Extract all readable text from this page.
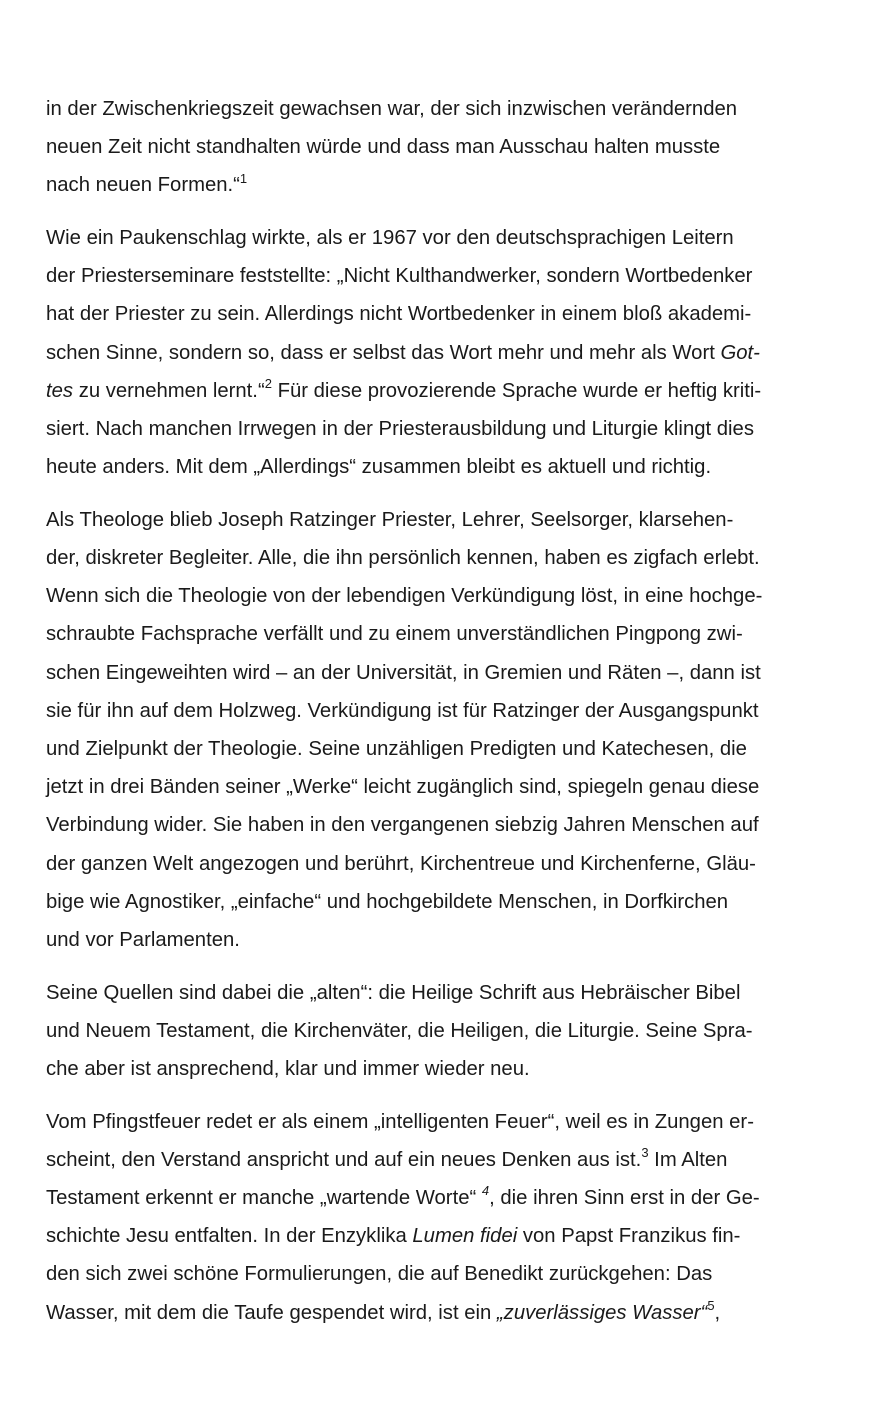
in der Zwischenkriegszeit gewachsen war, der sich inzwischen verändernden
neuen Zeit nicht standhalten würde und dass man Ausschau halten musste
nach neuen Formen.“$^1$
Wie ein Paukenschlag wirkte, als er 1967 vor den deutschsprachigen Leitern
der Priesterseminare feststellte: „Nicht Kulthandwerker, sondern Wortbedenker
hat der Priester zu sein. Allerdings nicht Wortbedenker in einem bloß akademi-
schen Sinne, sondern so, dass er selbst das Wort mehr und mehr als Wort Got-
tes zu vernehmen lernt.“$^2$ Für diese provozierende Sprache wurde er heftig kriti-
siert. Nach manchen Irrwegen in der Priesterausbildung und Liturgie klingt dies
heute anders. Mit dem „Allerdings“ zusammen bleibt es aktuell und richtig.
Als Theologe blieb Joseph Ratzinger Priester, Lehrer, Seelsorger, klarsehen-
der, diskreter Begleiter. Alle, die ihn persönlich kennen, haben es zigfach erlebt.
Wenn sich die Theologie von der lebendigen Verkündigung löst, in eine hochge-
schraubte Fachsprache verfällt und zu einem unverständlichen Pingpong zwi-
schen Eingeweihten wird – an der Universität, in Gremien und Räten –, dann ist
sie für ihn auf dem Holzweg. Verkündigung ist für Ratzinger der Ausgangspunkt
und Zielpunkt der Theologie. Seine unzähligen Predigten und Katechesen, die
jetzt in drei Bänden seiner „Werke“ leicht zugänglich sind, spiegeln genau diese
Verbindung wider. Sie haben in den vergangenen siebzig Jahren Menschen auf
der ganzen Welt angezogen und berührt, Kirchentreue und Kirchenferne, Gläu-
bige wie Agnostiker, „einfache“ und hochgebildete Menschen, in Dorfkirchen
und vor Parlamenten.
Seine Quellen sind dabei die „alten“: die Heilige Schrift aus Hebräischer Bibel
und Neuem Testament, die Kirchenväter, die Heiligen, die Liturgie. Seine Spra-
che aber ist ansprechend, klar und immer wieder neu.
Vom Pfingstfeuer redet er als einem „intelligenten Feuer“, weil es in Zungen er-
scheint, den Verstand anspricht und auf ein neues Denken aus ist.$^3$ Im Alten
Testament erkennt er manche „wartende Worte“ $^4$, die ihren Sinn erst in der Ge-
schichte Jesu entfalten. In der Enzyklika Lumen fidei von Papst Franzikus fin-
den sich zwei schöne Formulierungen, die auf Benedikt zurückgehen: Das
Wasser, mit dem die Taufe gespendet wird, ist ein „zuverlässiges Wasser“$^5$,
